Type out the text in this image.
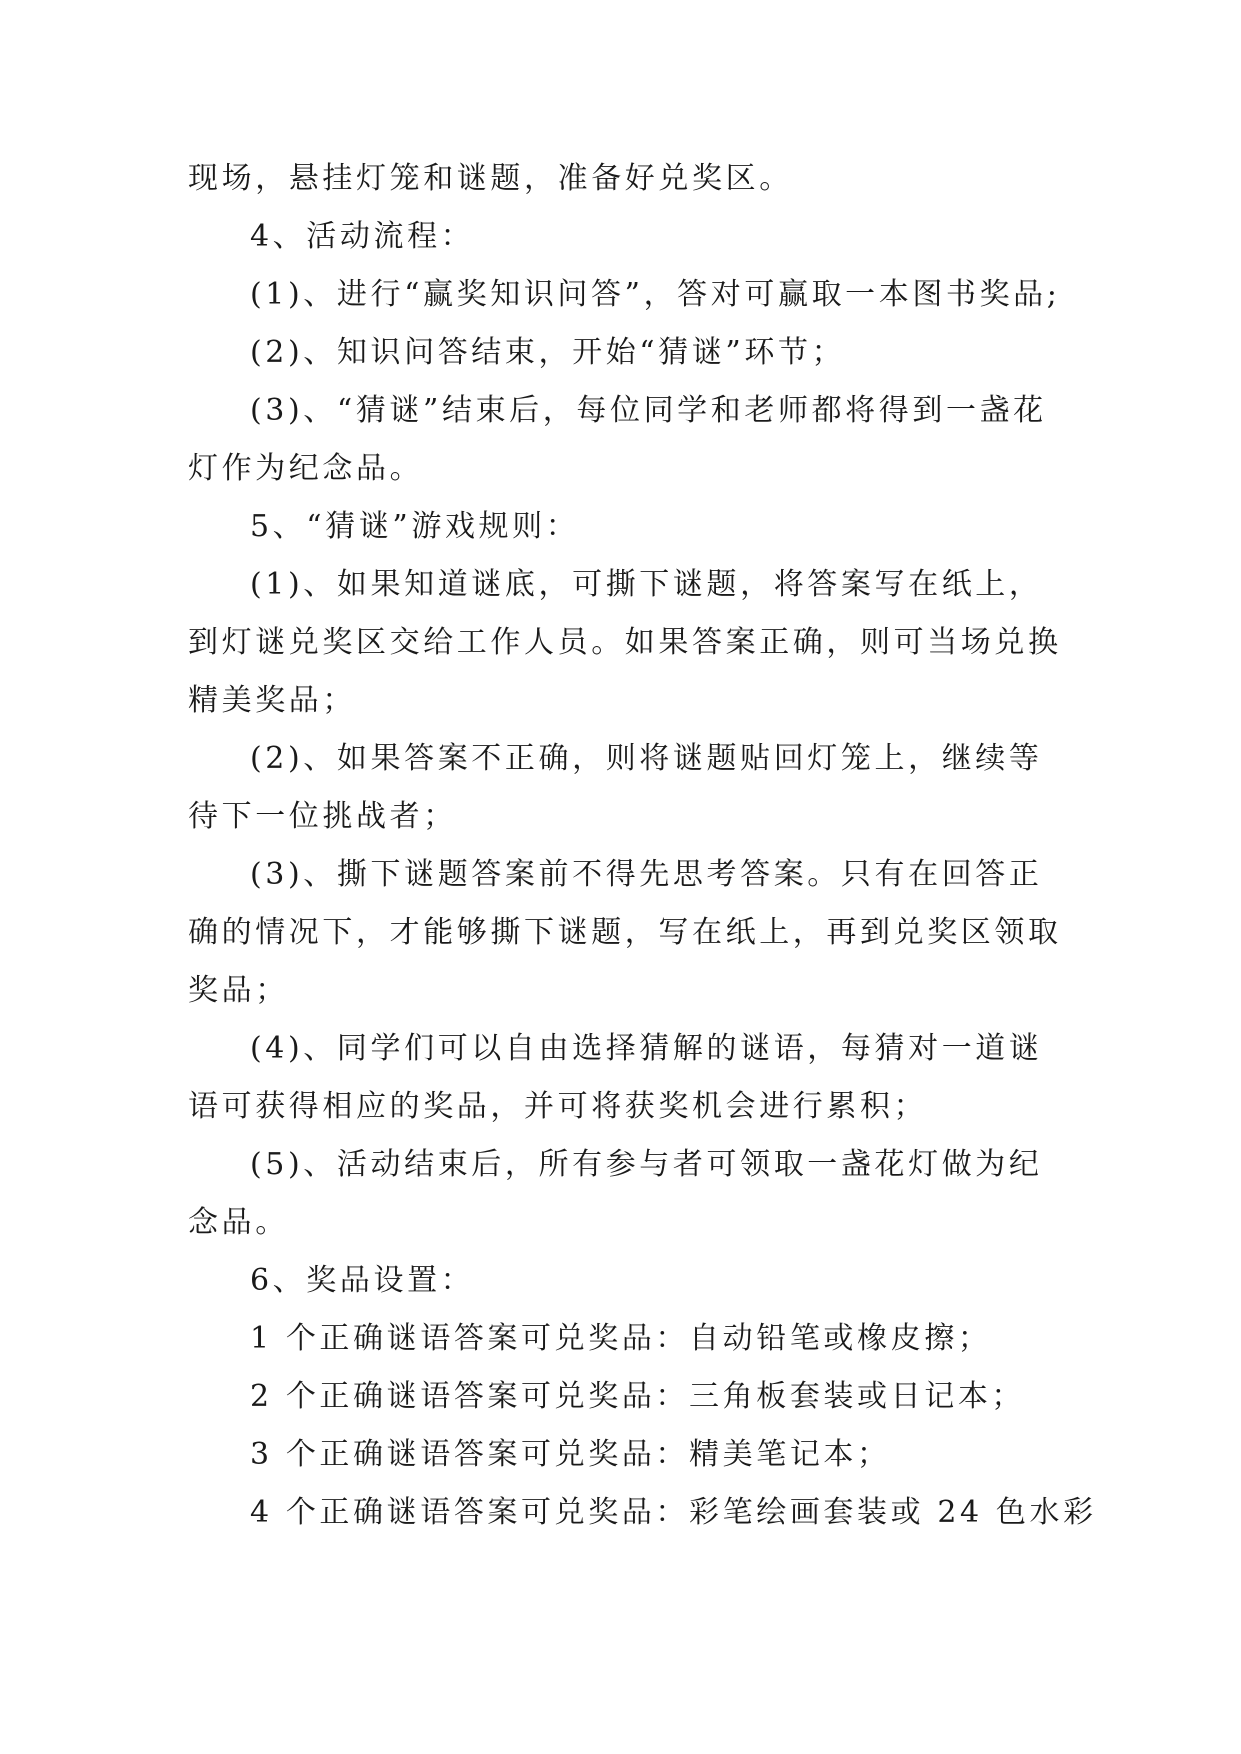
现场，悬挂灯笼和谜题，准备好兑奖区。
4、活动流程：
(1)、进行“赢奖知识问答”，答对可赢取一本图书奖品;
(2)、知识问答结束，开始“猜谜”环节；
(3)、“猜谜”结束后，每位同学和老师都将得到一盏花
灯作为纪念品。
5、“猜谜”游戏规则：
(1)、如果知道谜底，可撕下谜题，将答案写在纸上，
到灯谜兑奖区交给工作人员。如果答案正确，则可当场兑换
精美奖品；
(2)、如果答案不正确，则将谜题贴回灯笼上，继续等
待下一位挑战者；
(3)、撕下谜题答案前不得先思考答案。只有在回答正
确的情况下，才能够撕下谜题，写在纸上，再到兑奖区领取
奖品；
(4)、同学们可以自由选择猜解的谜语，每猜对一道谜
语可获得相应的奖品，并可将获奖机会进行累积；
(5)、活动结束后，所有参与者可领取一盏花灯做为纪
念品。
6、奖品设置：
1 个正确谜语答案可兑奖品：自动铅笔或橡皮擦；
2 个正确谜语答案可兑奖品：三角板套装或日记本；
3 个正确谜语答案可兑奖品：精美笔记本；
4 个正确谜语答案可兑奖品：彩笔绘画套装或 24 色水彩
